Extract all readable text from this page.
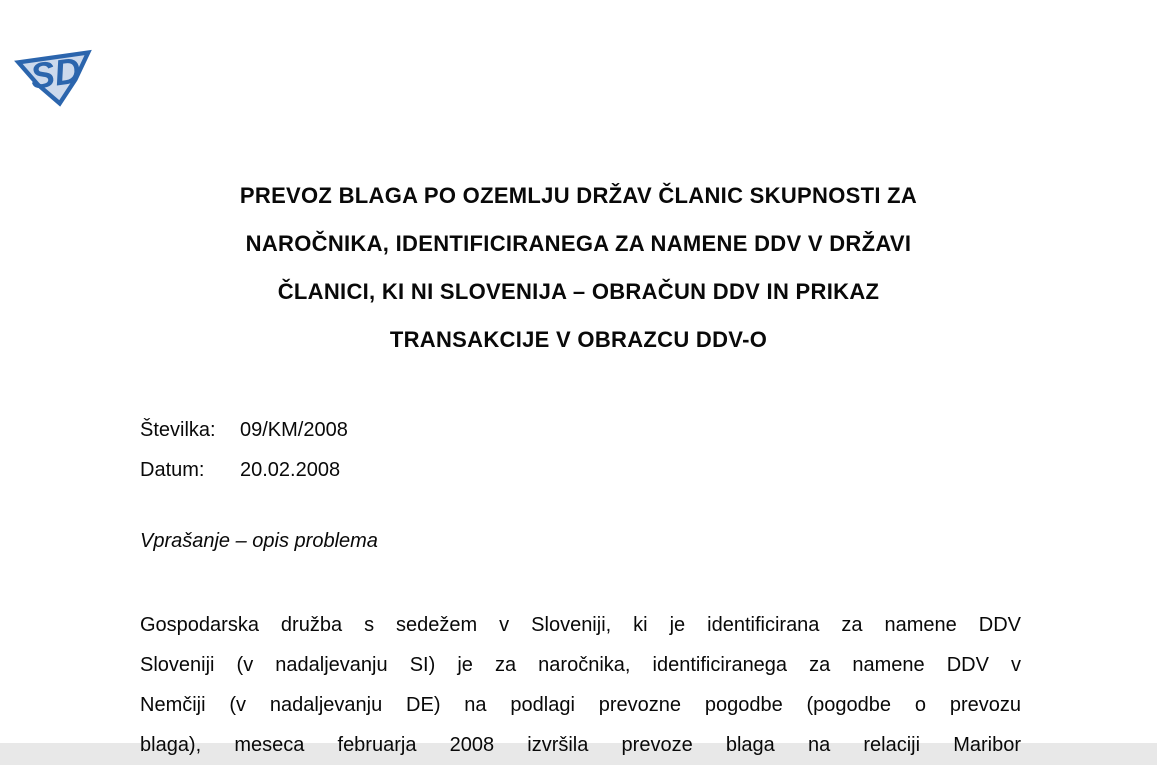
SD
PREVOZ BLAGA PO OZEMLJU DRŽAV ČLANIC SKUPNOSTI ZA
NAROČNIKA, IDENTIFICIRANEGA ZA NAMENE DDV V DRŽAVI
ČLANICI, KI NI SLOVENIJA – OBRAČUN DDV IN PRIKAZ
TRANSAKCIJE V OBRAZCU DDV-O
Številka:	09/KM/2008
Datum:	20.02.2008
Vprašanje – opis problema
Gospodarska družba s sedežem v Sloveniji, ki je identificirana za namene DDV
Sloveniji (v nadaljevanju SI) je za naročnika, identificiranega za namene DDV v
Nemčiji (v nadaljevanju DE) na podlagi prevozne pogodbe (pogodbe o prevozu
blaga), meseca februarja 2008 izvršila prevoze blaga na relaciji Maribor
